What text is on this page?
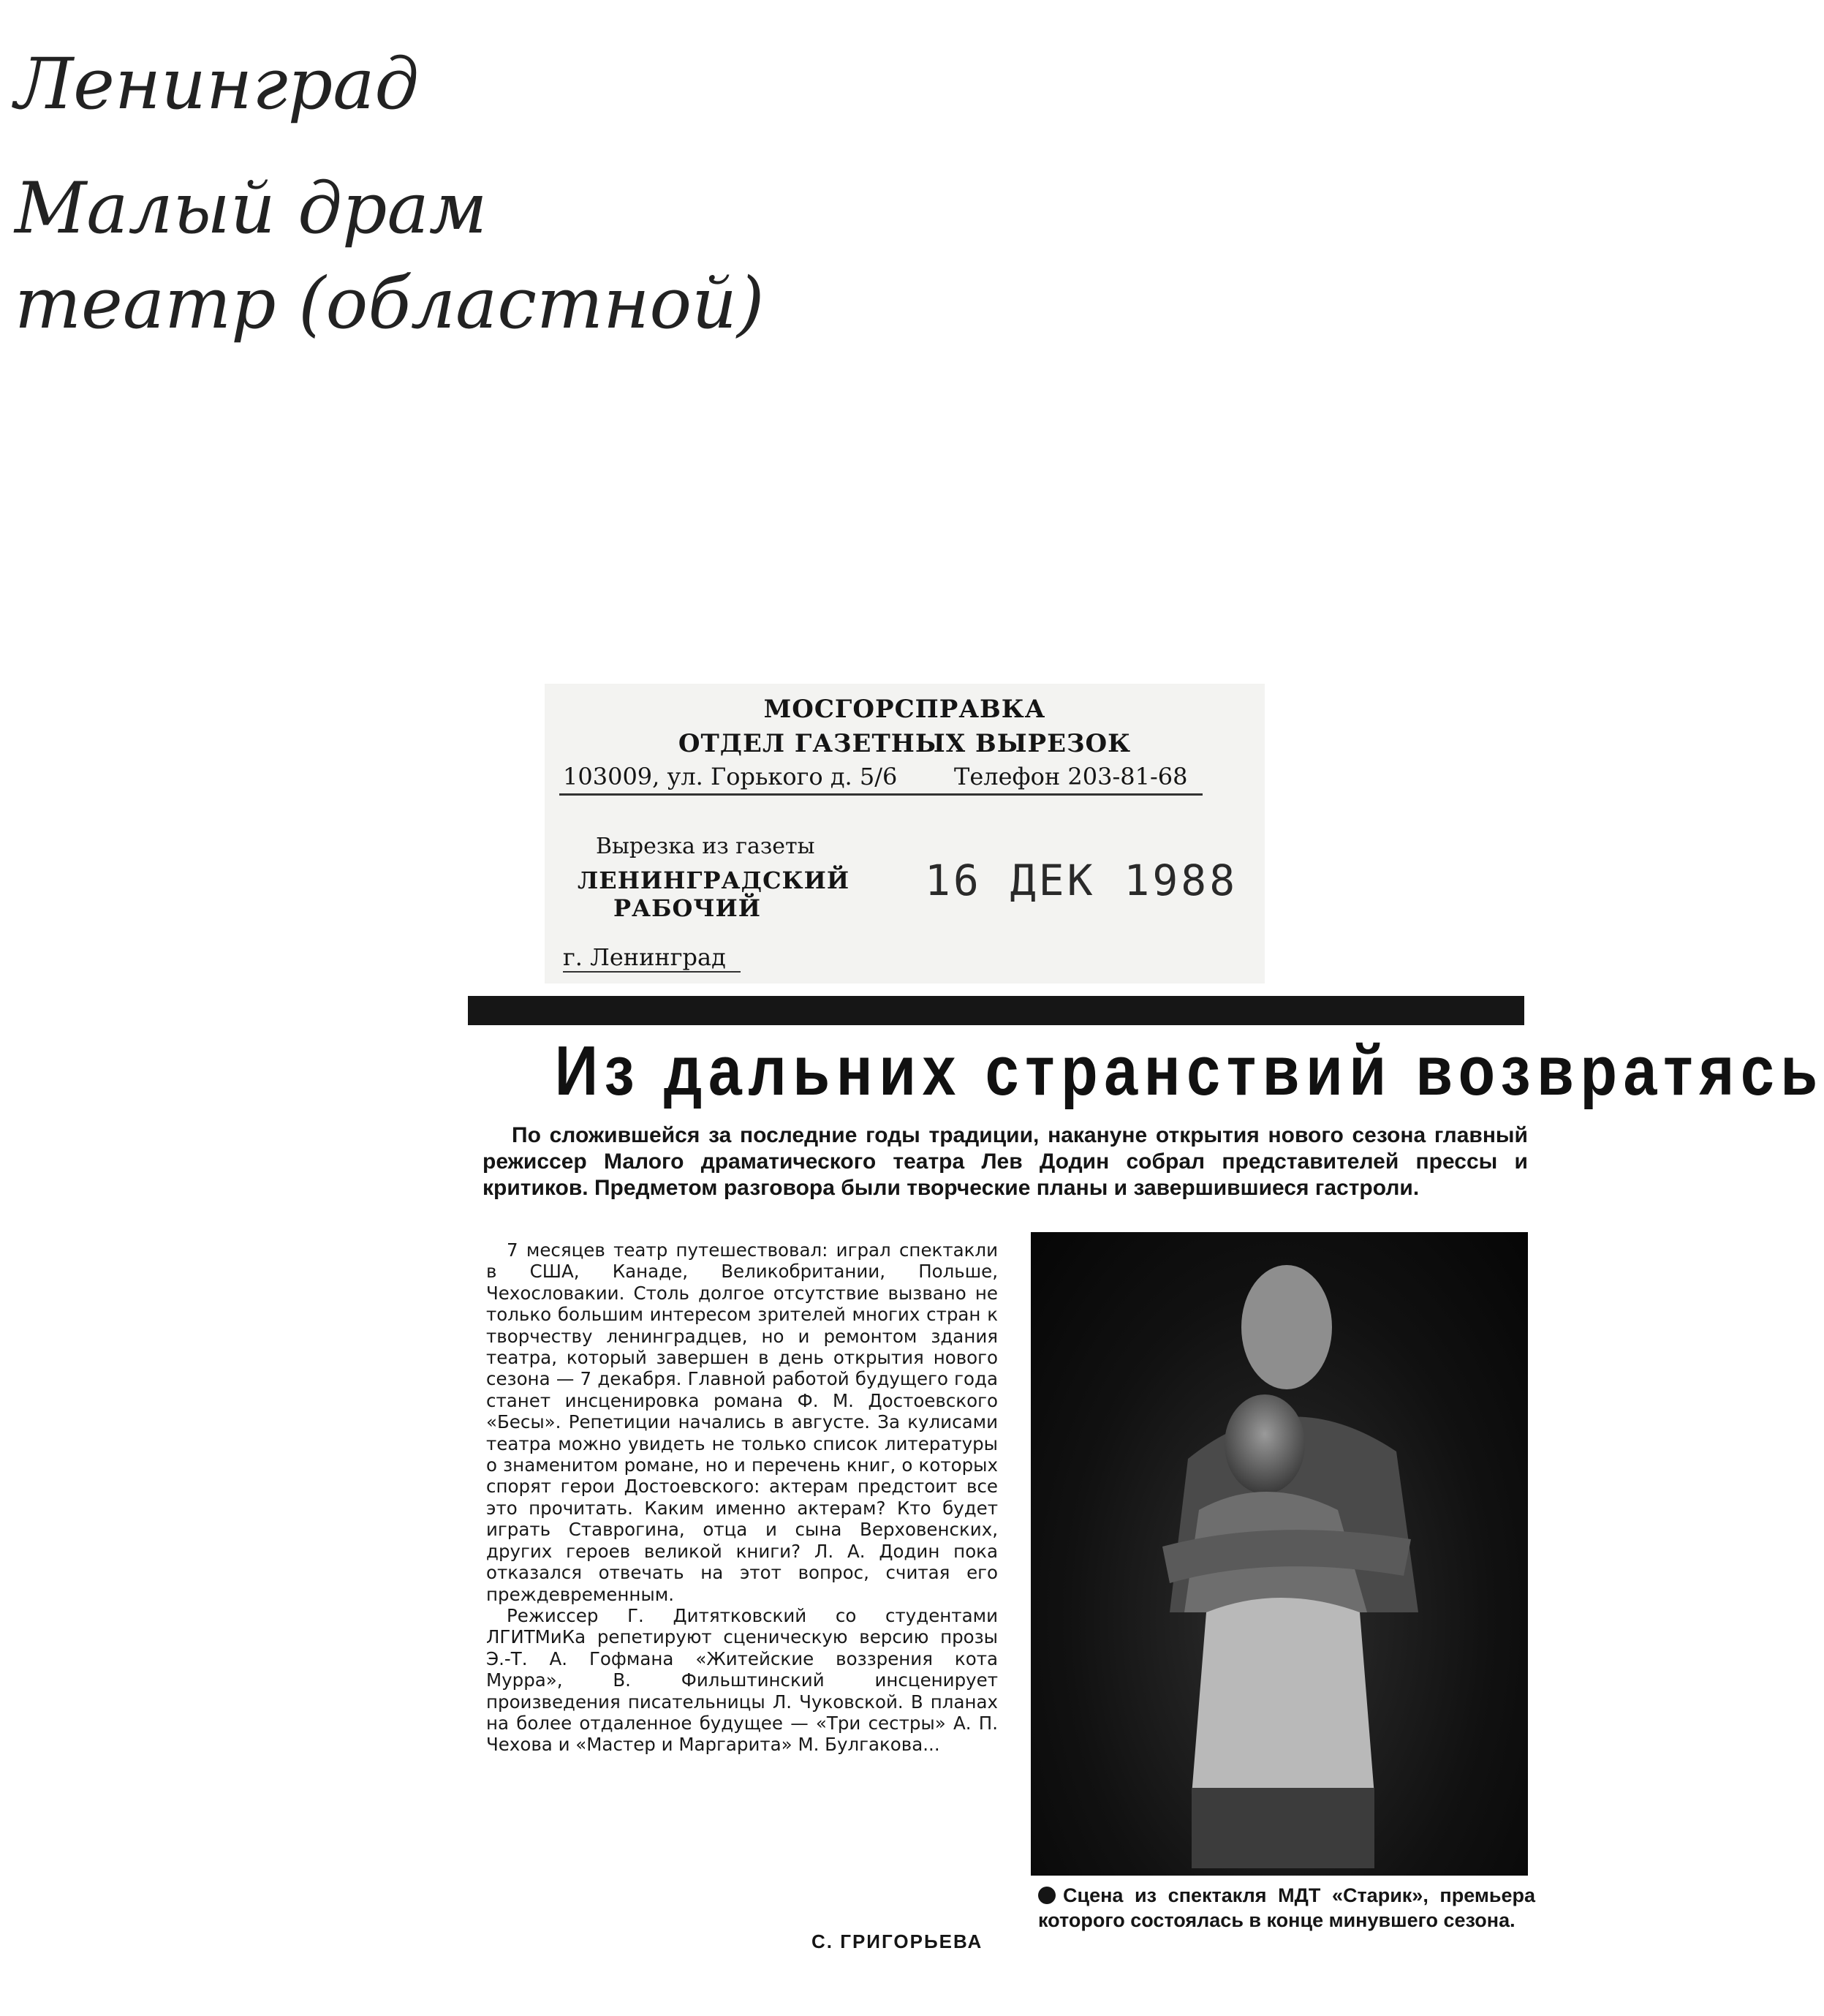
Ленинград
Малый драм
театр (областной)
МОСГОРСПРАВКА
ОТДЕЛ ГАЗЕТНЫХ ВЫРЕЗОК
103009, ул. Горького д. 5/6 Телефон 203-81-68
Вырезка из газеты
ЛЕНИНГРАДСКИЙ РАБОЧИЙ
16 ДЕК 1988
г. Ленинград
Из дальних странствий возвратясь
По сложившейся за последние годы традиции, накануне открытия нового сезона главный режиссер Малого драматического театра Лев Додин собрал представителей прессы и критиков. Предметом разговора были творческие планы и завершившиеся гастроли.

7 месяцев театр путешествовал: играл спектакли в США, Канаде, Великобритании, Польше, Чехословакии. Столь долгое отсутствие вызвано не только большим интересом зрителей многих стран к творчеству ленинградцев, но и ремонтом здания театра, который завершен в день открытия нового сезона — 7 декабря. Главной работой будущего года станет инсценировка романа Ф. М. Достоевского «Бесы». Репетиции начались в августе. За кулисами театра можно увидеть не только список литературы о знаменитом романе, но и перечень книг, о которых спорят герои Достоевского: актерам предстоит все это прочитать. Каким именно актерам? Кто будет играть Ставрогина, отца и сына Верховенских, других героев великой книги? Л. А. Додин пока отказался отвечать на этот вопрос, считая его преждевременным.

Режиссер Г. Дитятковский со студентами ЛГИТМиКа репетируют сценическую версию прозы Э.-Т. А. Гофмана «Житейские воззрения кота Мурра», В. Фильштинский инсценирует произведения писательницы Л. Чуковской. В планах на более отдаленное будущее — «Три сестры» А. П. Чехова и «Мастер и Маргарита» М. Булгакова...

С. ГРИГОРЬЕВА
Сцена из спектакля МДТ «Старик», премьера которого состоялась в конце минувшего сезона.
